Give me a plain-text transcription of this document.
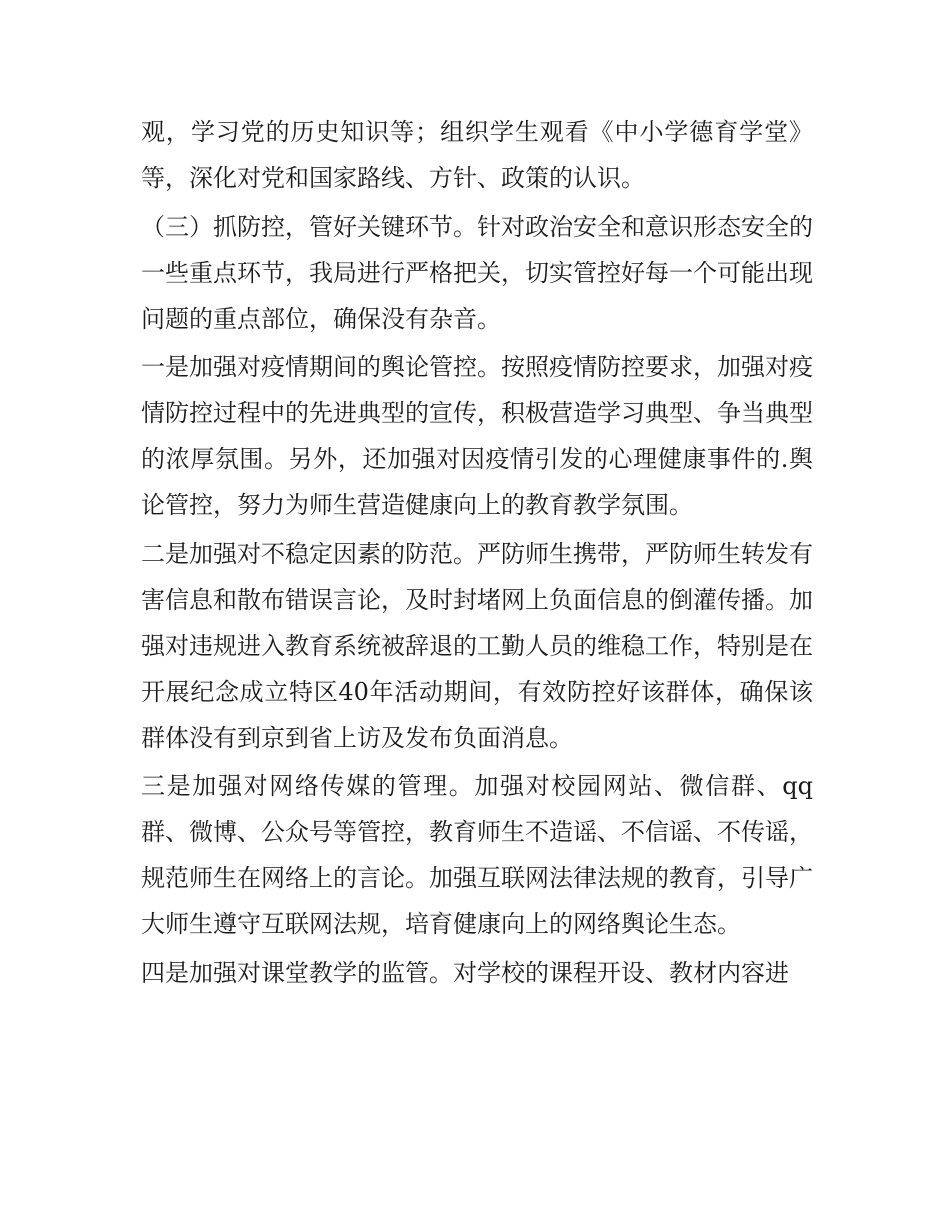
观，学习党的历史知识等；组织学生观看《中小学德育学堂》等，深化对党和国家路线、方针、政策的认识。

（三）抓防控，管好关键环节。针对政治安全和意识形态安全的一些重点环节，我局进行严格把关，切实管控好每一个可能出现问题的重点部位，确保没有杂音。

一是加强对疫情期间的舆论管控。按照疫情防控要求，加强对疫情防控过程中的先进典型的宣传，积极营造学习典型、争当典型的浓厚氛围。另外，还加强对因疫情引发的心理健康事件的.舆论管控，努力为师生营造健康向上的教育教学氛围。

二是加强对不稳定因素的防范。严防师生携带，严防师生转发有害信息和散布错误言论，及时封堵网上负面信息的倒灌传播。加强对违规进入教育系统被辞退的工勤人员的维稳工作，特别是在开展纪念成立特区40年活动期间，有效防控好该群体，确保该群体没有到京到省上访及发布负面消息。

三是加强对网络传媒的管理。加强对校园网站、微信群、qq群、微博、公众号等管控，教育师生不造谣、不信谣、不传谣，规范师生在网络上的言论。加强互联网法律法规的教育，引导广大师生遵守互联网法规，培育健康向上的网络舆论生态。

四是加强对课堂教学的监管。对学校的课程开设、教材内容进
